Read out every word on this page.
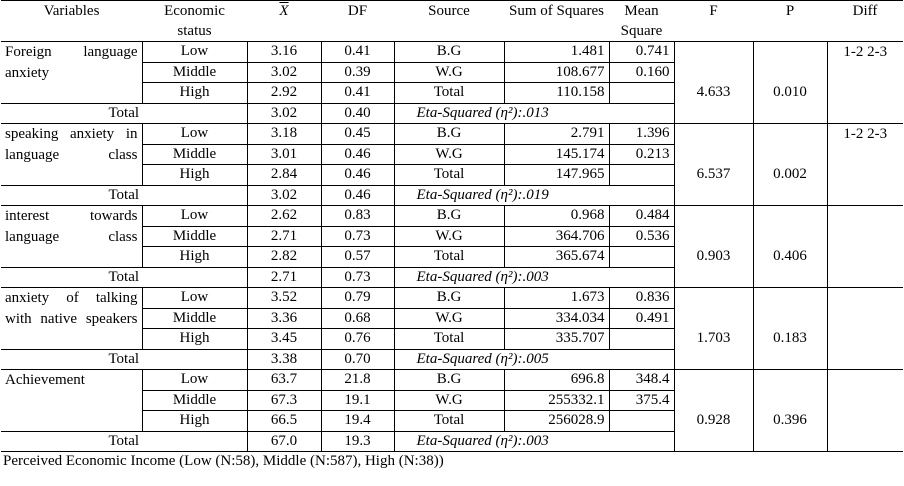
Variables	Economic status	$\overline{X}$	DF	Source	Sum of Squares	Mean Square	F	P	Diff
Foreign language anxiety	Low	3.16	0.41	B.G	1.481	0.741	4.633	0.010	1-2 2-3
	Middle	3.02	0.39	W.G	108.677	0.160			
	High	2.92	0.41	Total	110.158				
Total		3.02	0.40	Eta-Squared (η²):.013					
speaking anxiety in language class	Low	3.18	0.45	B.G	2.791	1.396	6.537	0.002	1-2 2-3
	Middle	3.01	0.46	W.G	145.174	0.213			
	High	2.84	0.46	Total	147.965				
Total		3.02	0.46	Eta-Squared (η²):.019					
interest towards language class	Low	2.62	0.83	B.G	0.968	0.484	0.903	0.406	
	Middle	2.71	0.73	W.G	364.706	0.536			
	High	2.82	0.57	Total	365.674				
Total		2.71	0.73	Eta-Squared (η²):.003					
anxiety of talking with native speakers	Low	3.52	0.79	B.G	1.673	0.836	1.703	0.183	
	Middle	3.36	0.68	W.G	334.034	0.491			
	High	3.45	0.76	Total	335.707				
Total		3.38	0.70	Eta-Squared (η²):.005					
Achievement	Low	63.7	21.8	B.G	696.8	348.4	0.928	0.396	
	Middle	67.3	19.1	W.G	255332.1	375.4			
	High	66.5	19.4	Total	256028.9				
Total		67.0	19.3	Eta-Squared (η²):.003					
Perceived Economic Income (Low (N:58), Middle (N:587), High (N:38))									
